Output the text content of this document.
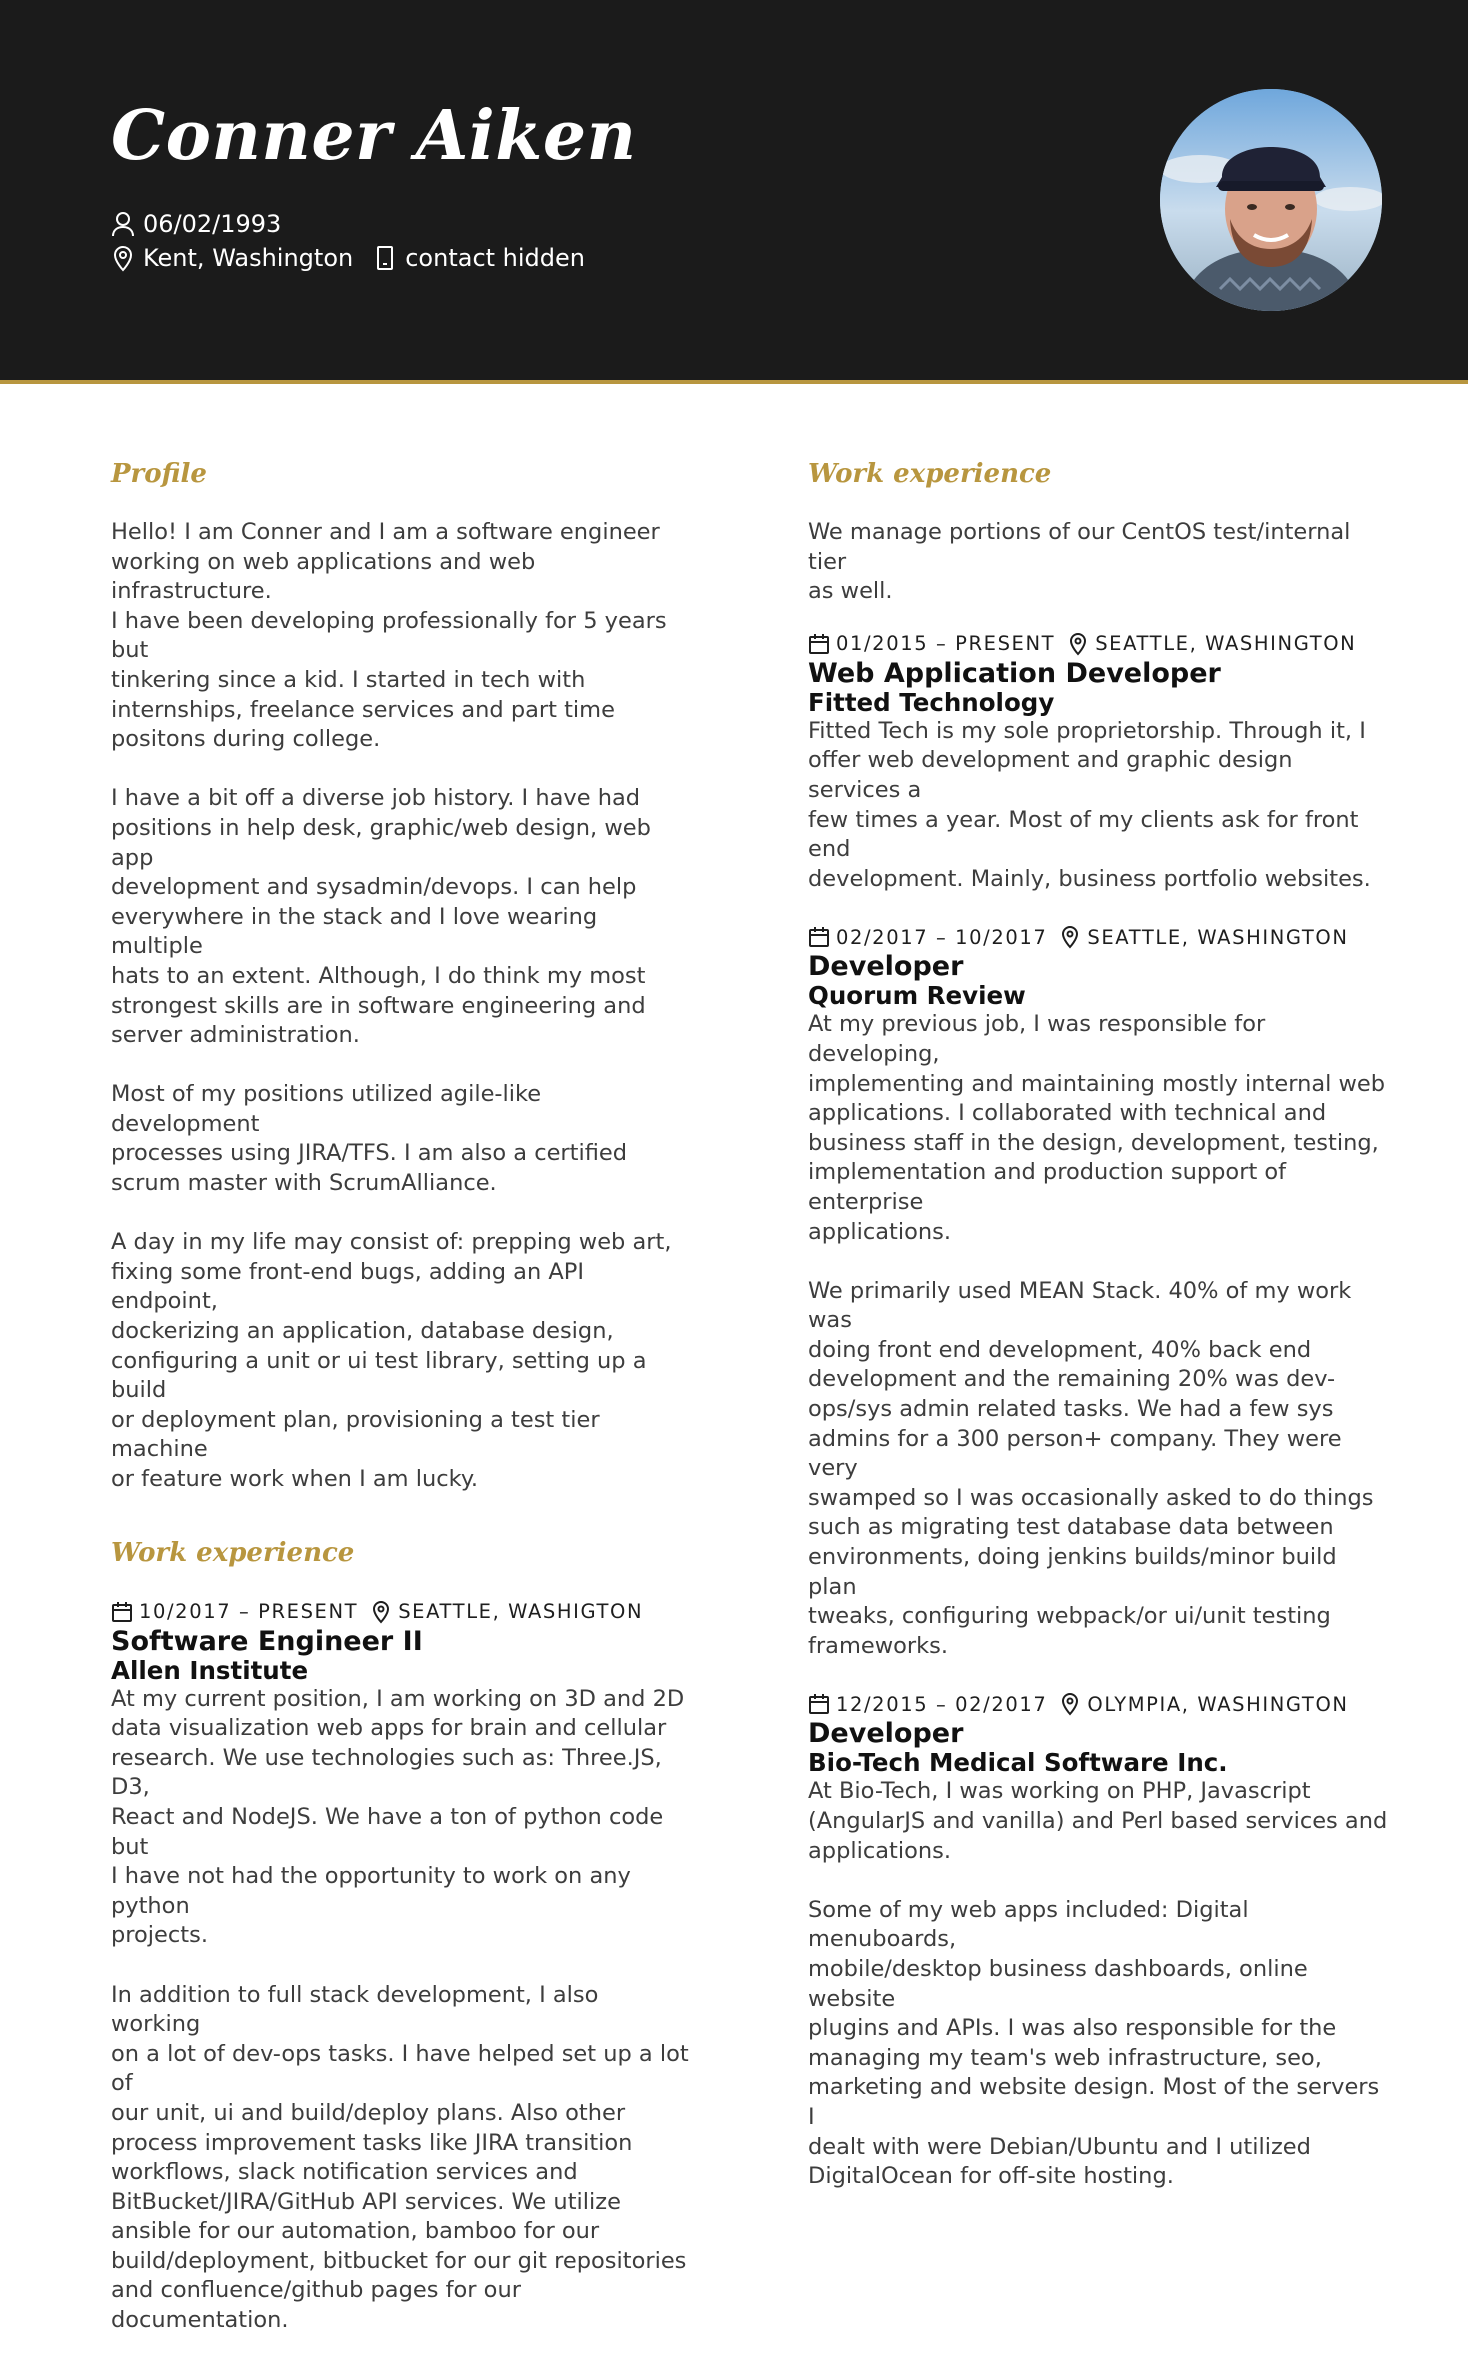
Conner Aiken
06/02/1993
Kent, Washington contact hidden
Profile

Hello! I am Conner and I am a software engineer
working on web applications and web infrastructure.
I have been developing professionally for 5 years but
tinkering since a kid. I started in tech with
internships, freelance services and part time
positons during college.

I have a bit off a diverse job history. I have had
positions in help desk, graphic/web design, web app
development and sysadmin/devops. I can help
everywhere in the stack and I love wearing multiple
hats to an extent. Although, I do think my most
strongest skills are in software engineering and
server administration.

Most of my positions utilized agile-like development
processes using JIRA/TFS. I am also a certified
scrum master with ScrumAlliance.

A day in my life may consist of: prepping web art,
fixing some front-end bugs, adding an API endpoint,
dockerizing an application, database design,
configuring a unit or ui test library, setting up a build
or deployment plan, provisioning a test tier machine
or feature work when I am lucky.

Work experience
10/2017 – PRESENT SEATTLE, WASHIGTON

Software Engineer II

Allen Institute

At my current position, I am working on 3D and 2D
data visualization web apps for brain and cellular
research. We use technologies such as: Three.JS, D3,
React and NodeJS. We have a ton of python code but
I have not had the opportunity to work on any python
projects.

In addition to full stack development, I also working
on a lot of dev-ops tasks. I have helped set up a lot of
our unit, ui and build/deploy plans. Also other
process improvement tasks like JIRA transition
workflows, slack notification services and
BitBucket/JIRA/GitHub API services. We utilize
ansible for our automation, bamboo for our
build/deployment, bitbucket for our git repositories
and confluence/github pages for our documentation.

Work experience

We manage portions of our CentOS test/internal tier
as well.

01/2015 – PRESENT SEATTLE, WASHINGTON

Web Application Developer

Fitted Technology

Fitted Tech is my sole proprietorship. Through it, I
offer web development and graphic design services a
few times a year. Most of my clients ask for front end
development. Mainly, business portfolio websites.

02/2017 – 10/2017 SEATTLE, WASHINGTON

Developer

Quorum Review

At my previous job, I was responsible for developing,
implementing and maintaining mostly internal web
applications. I collaborated with technical and
business staff in the design, development, testing,
implementation and production support of enterprise
applications.

We primarily used MEAN Stack. 40% of my work was
doing front end development, 40% back end
development and the remaining 20% was dev-
ops/sys admin related tasks. We had a few sys
admins for a 300 person+ company. They were very
swamped so I was occasionally asked to do things
such as migrating test database data between
environments, doing jenkins builds/minor build plan
tweaks, configuring webpack/or ui/unit testing
frameworks.

12/2015 – 02/2017 OLYMPIA, WASHINGTON

Developer

Bio-Tech Medical Software Inc.

At Bio-Tech, I was working on PHP, Javascript
(AngularJS and vanilla) and Perl based services and
applications.

Some of my web apps included: Digital menuboards,
mobile/desktop business dashboards, online website
plugins and APIs. I was also responsible for the
managing my team's web infrastructure, seo,
marketing and website design. Most of the servers I
dealt with were Debian/Ubuntu and I utilized
DigitalOcean for off-site hosting.
